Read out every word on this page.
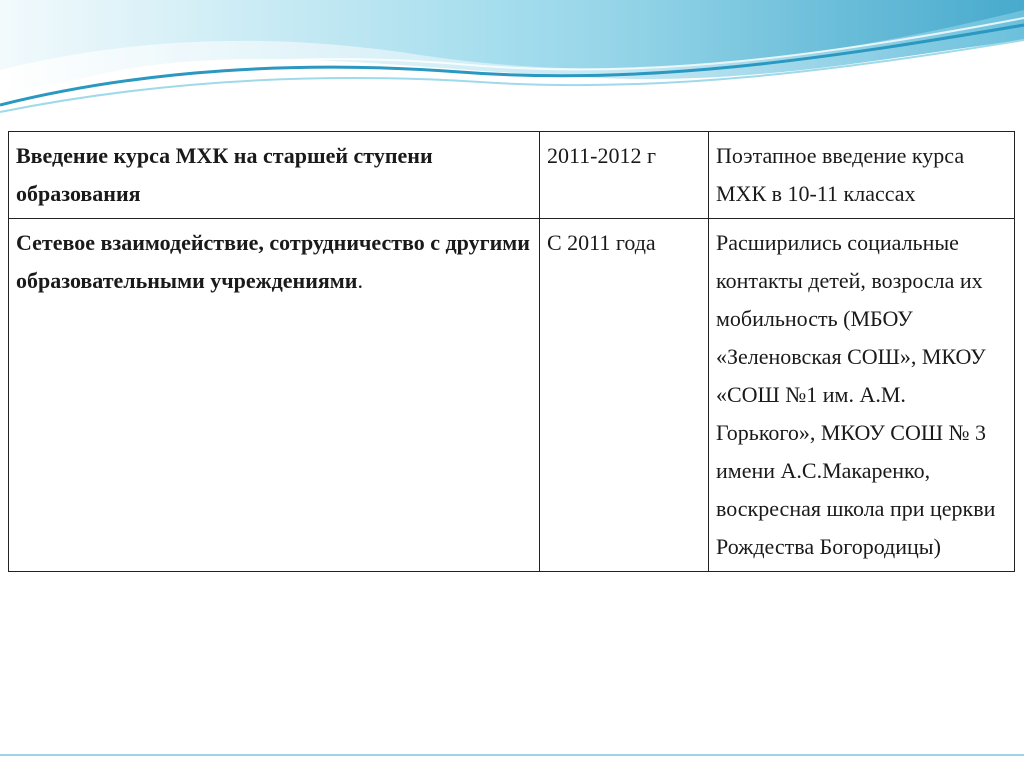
Введение курса МХК на старшей ступени образования	2011-2012 г	Поэтапное введение курса МХК в 10-11 классах
Сетевое взаимодействие, сотрудничество с другими образовательными учреждениями.	С 2011 года	Расширились социальные контакты детей, возросла их мобильность (МБОУ «Зеленовская СОШ», МКОУ «СОШ №1 им. А.М. Горького», МКОУ СОШ № 3 имени А.С.Макаренко, воскресная школа при церкви Рождества Богородицы)
